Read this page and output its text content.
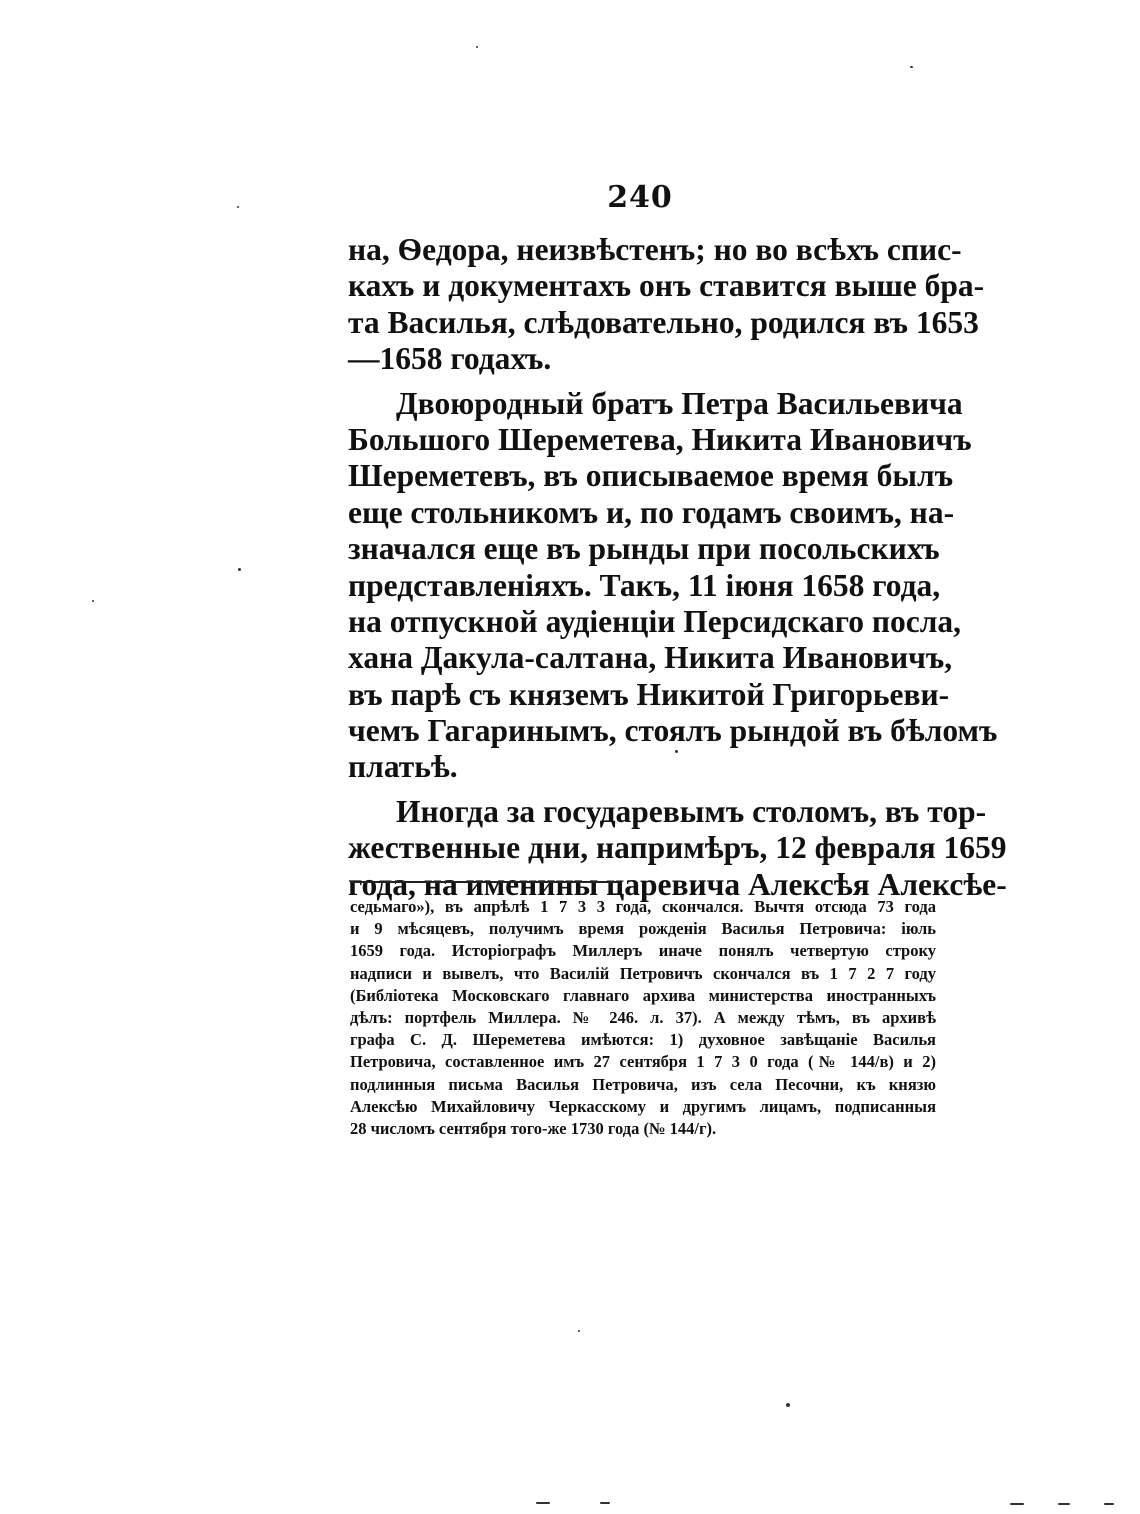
240
на, Ѳедора, неизвѣстенъ; но во всѣхъ спис-
кахъ и документахъ онъ ставится выше бра-
та Василья, слѣдовательно, родился въ 1653
—1658 годахъ.
Двоюродный братъ Петра Васильевича
Большого Шереметева, Никита Ивановичъ
Шереметевъ, въ описываемое время былъ
еще стольникомъ и, по годамъ своимъ, на-
значался еще въ рынды при посольскихъ
представленiяхъ. Такъ, 11 iюня 1658 года,
на отпускной аудiенцiи Персидскаго посла,
хана Дакула-салтана, Никита Ивановичъ,
въ парѣ съ княземъ Никитой Григорьеви-
чемъ Гагаринымъ, стоялъ рындой въ бѣломъ
платьѣ.
Иногда за государевымъ столомъ, въ тор-
жественные дни, напримѣръ, 12 февраля 1659
года, на именины царевича Алексѣя Алексѣе-
седьмаго»), въ апрѣлѣ 1 7 3 3 года, скончался. Вычтя отсюда 73 года
и 9 мѣсяцевъ, получимъ время рожденiя Василья Петровича: iюль
1659 года. Исторiографъ Миллеръ иначе понялъ четвертую строку
надписи и вывелъ, что Василiй Петровичъ скончался въ 1 7 2 7 году
(Библiотека Московскаго главнаго архива министерства иностранныхъ
дѣлъ: портфель Миллера. № 246. л. 37). А между тѣмъ, въ архивѣ
графа С. Д. Шереметева имѣются: 1) духовное завѣщанiе Василья
Петровича, составленное имъ 27 сентября 1 7 3 0 года (№ 144/в) и 2)
подлинныя письма Василья Петровича, изъ села Песочни, къ князю
Алексѣю Михайловичу Черкасскому и другимъ лицамъ, подписанныя
28 числомъ сентября того-же 1730 года (№ 144/г).
